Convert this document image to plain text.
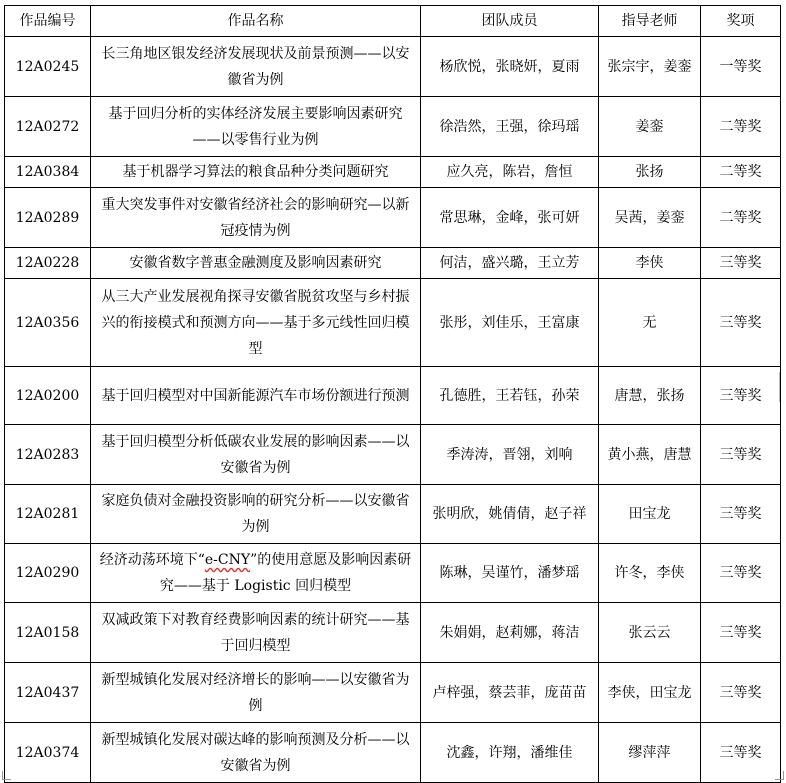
作品编号	作品名称	团队成员	指导老师	奖项
12A0245	长三角地区银发经济发展现状及前景预测——以安徽省为例	杨欣悦，张晓妍，夏雨	张宗宇，姜銮	一等奖
12A0272	基于回归分析的实体经济发展主要影响因素研究——以零售行业为例	徐浩然，王强，徐玛瑶	姜銮	二等奖
12A0384	基于机器学习算法的粮食品种分类问题研究	应久亮，陈岩，詹恒	张扬	二等奖
12A0289	重大突发事件对安徽省经济社会的影响研究—以新冠疫情为例	常思琳，金峰，张可妍	吴茜，姜銮	二等奖
12A0228	安徽省数字普惠金融测度及影响因素研究	何洁，盛兴璐，王立芳	李侠	三等奖
12A0356	从三大产业发展视角探寻安徽省脱贫攻坚与乡村振兴的衔接模式和预测方向——基于多元线性回归模型	张彤，刘佳乐，王富康	无	三等奖
12A0200	基于回归模型对中国新能源汽车市场份额进行预测	孔德胜，王若钰，孙荣	唐慧，张扬	三等奖
12A0283	基于回归模型分析低碳农业发展的影响因素——以安徽省为例	季涛涛，晋翎，刘响	黄小燕，唐慧	三等奖
12A0281	家庭负债对金融投资影响的研究分析——以安徽省为例	张明欣，姚倩倩，赵子祥	田宝龙	三等奖
12A0290	经济动荡环境下“e-CNY”的使用意愿及影响因素研究——基于 Logistic 回归模型	陈琳，吴谨竹，潘梦瑶	许冬，李侠	三等奖
12A0158	双减政策下对教育经费影响因素的统计研究——基于回归模型	朱娟娟，赵莉娜，蒋洁	张云云	三等奖
12A0437	新型城镇化发展对经济增长的影响——以安徽省为例	卢梓强，蔡芸菲，庞苗苗	李侠，田宝龙	三等奖
12A0374	新型城镇化发展对碳达峰的影响预测及分析——以安徽省为例	沈鑫，许翔，潘维佳	缪萍萍	三等奖
